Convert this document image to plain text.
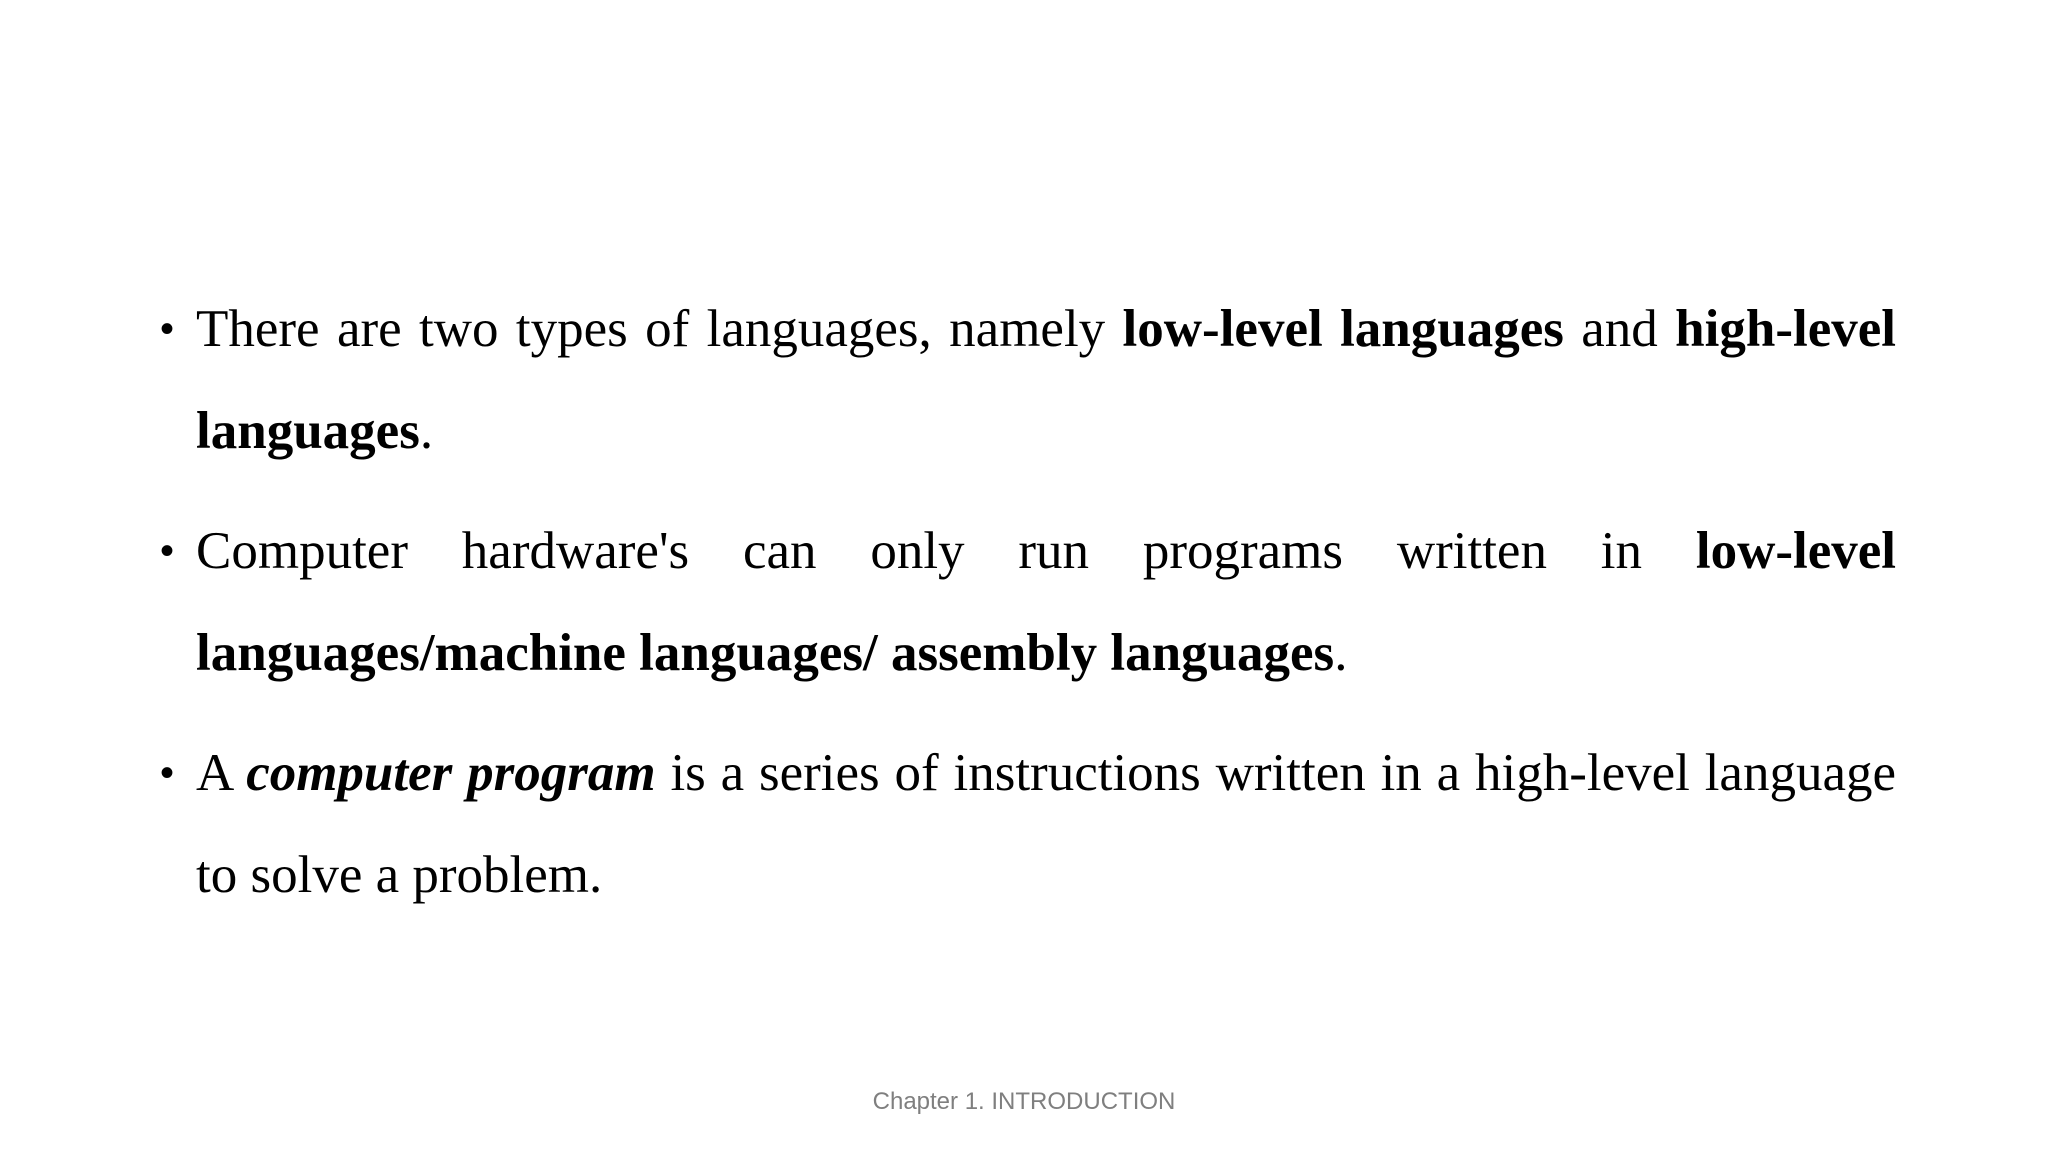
• There are two types of languages, namely low-level languages and high-level languages.
• Computer hardware's can only run programs written in low-level languages/machine languages/ assembly languages.
• A computer program is a series of instructions written in a high-level language to solve a problem.
Chapter 1. INTRODUCTION
